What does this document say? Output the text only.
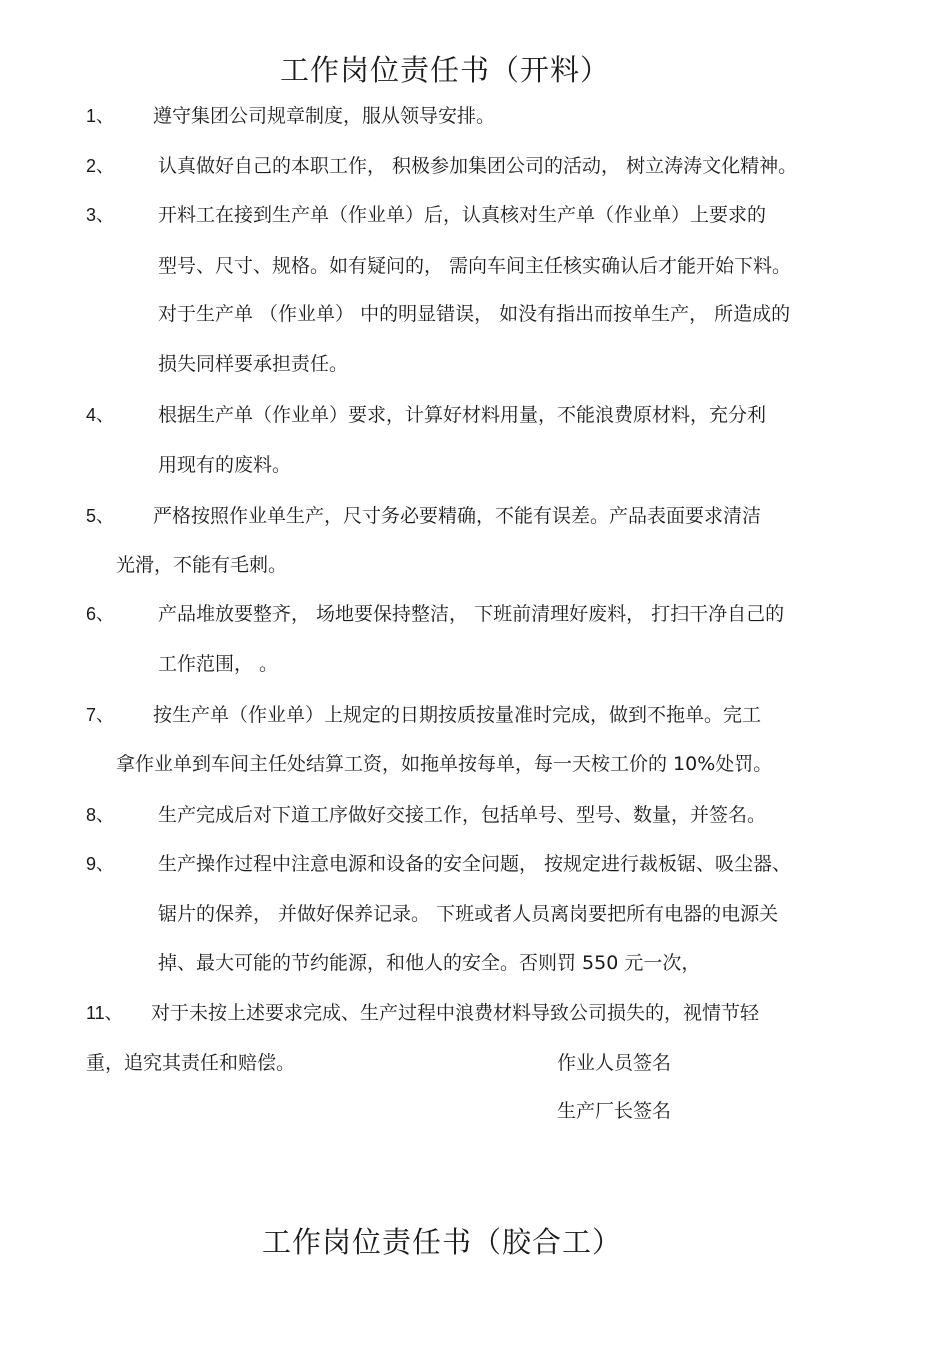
工作岗位责任书（开料）
1、 遵守集团公司规章制度，服从领导安排。
2、 认真做好自己的本职工作， 积极参加集团公司的活动， 树立涛涛文化精神。
3、 开料工在接到生产单（作业单）后，认真核对生产单（作业单）上要求的
型号、尺寸、规格。如有疑问的， 需向车间主任核实确认后才能开始下料。
对于生产单 （作业单） 中的明显错误， 如没有指出而按单生产， 所造成的
损失同样要承担责任。
4、 根据生产单（作业单）要求，计算好材料用量，不能浪费原材料，充分利
用现有的废料。
5、 严格按照作业单生产，尺寸务必要精确，不能有误差。产品表面要求清洁
光滑，不能有毛刺。
6、 产品堆放要整齐， 场地要保持整洁， 下班前清理好废料， 打扫干净自己的
工作范围， 。
7、 按生产单（作业单）上规定的日期按质按量准时完成，做到不拖单。完工
拿作业单到车间主任处结算工资，如拖单按每单，每一天桉工价的 10%处罚。
8、 生产完成后对下道工序做好交接工作，包括单号、型号、数量，并签名。
9、 生产操作过程中注意电源和设备的安全问题， 按规定进行裁板锯、吸尘器、
锯片的保养， 并做好保养记录。 下班或者人员离岗要把所有电器的电源关
掉、最大可能的节约能源，和他人的安全。否则罚 550 元一次，
11、 对于未按上述要求完成、生产过程中浪费材料导致公司损失的，视情节轻
重，追究其责任和赔偿。	作业人员签名
生产厂长签名
工作岗位责任书（胶合工）
